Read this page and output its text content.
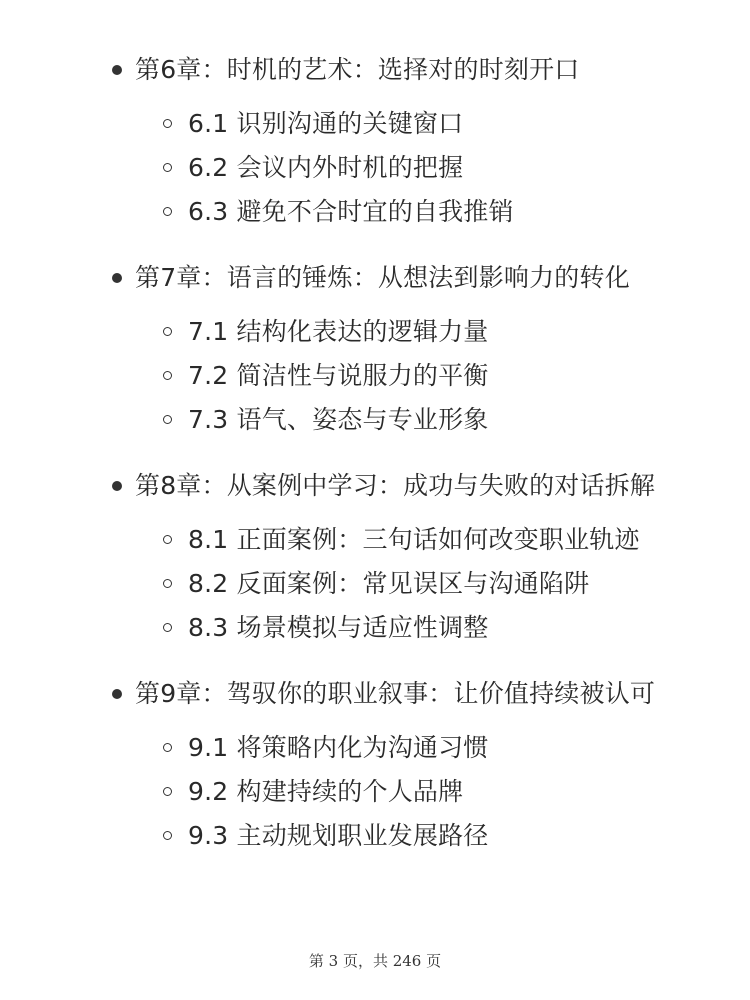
第6章：时机的艺术：选择对的时刻开口
6.1 识别沟通的关键窗口
6.2 会议内外时机的把握
6.3 避免不合时宜的自我推销
第7章：语言的锤炼：从想法到影响力的转化
7.1 结构化表达的逻辑力量
7.2 简洁性与说服力的平衡
7.3 语气、姿态与专业形象
第8章：从案例中学习：成功与失败的对话拆解
8.1 正面案例：三句话如何改变职业轨迹
8.2 反面案例：常见误区与沟通陷阱
8.3 场景模拟与适应性调整
第9章：驾驭你的职业叙事：让价值持续被认可
9.1 将策略内化为沟通习惯
9.2 构建持续的个人品牌
9.3 主动规划职业发展路径
第 3 页，共 246 页
